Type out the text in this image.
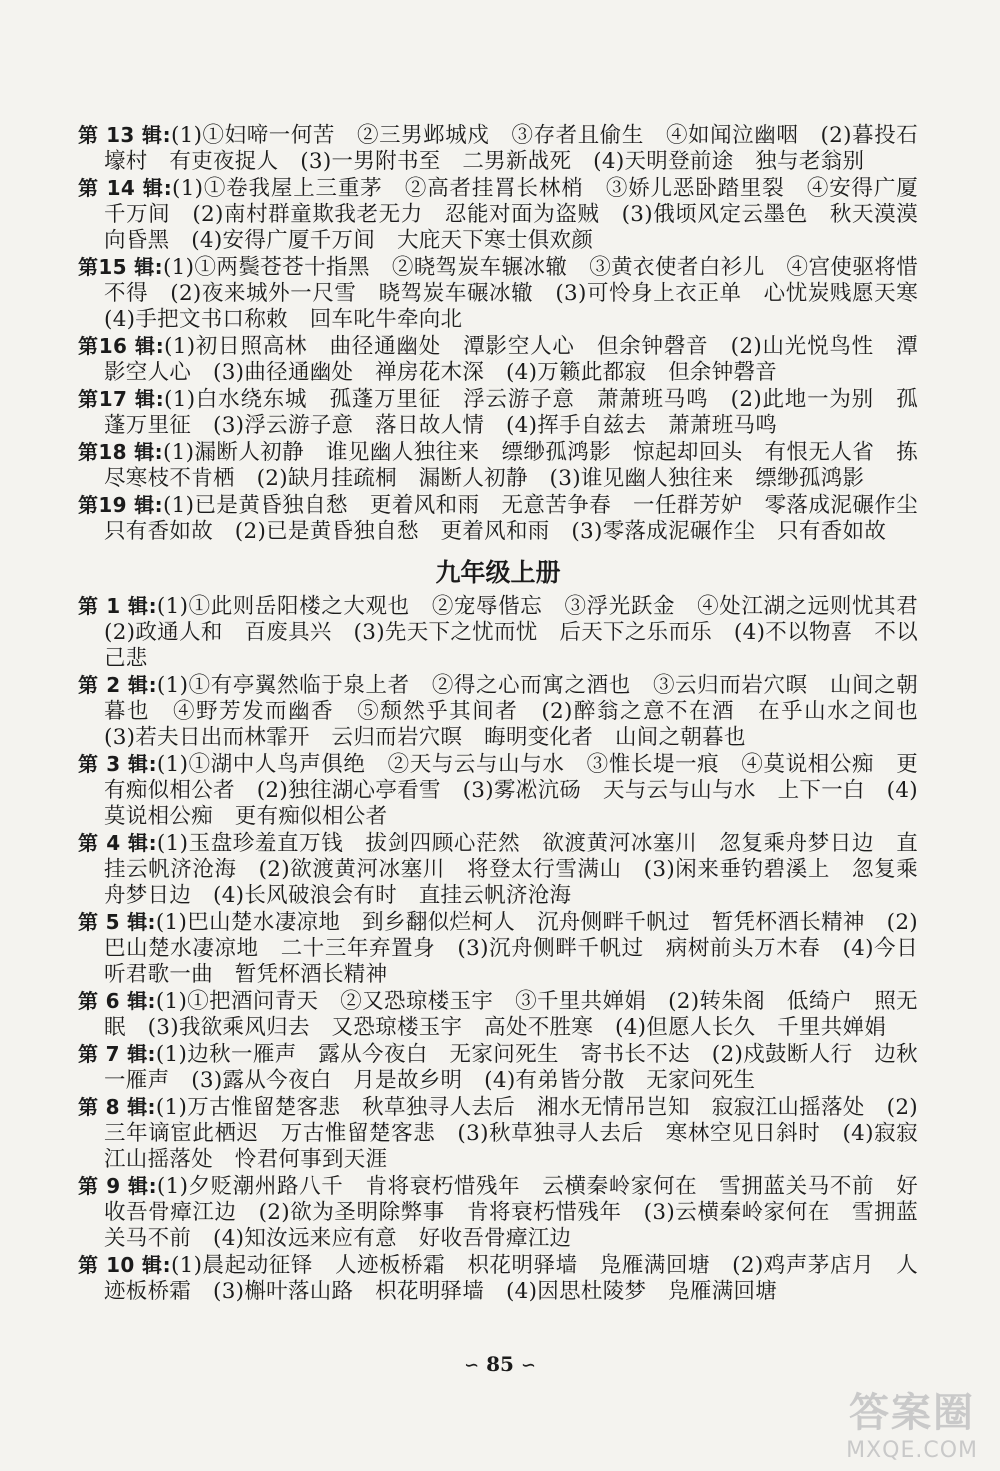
第 13 辑:(1)①妇啼一何苦　②三男邺城戍　③存者且偷生　④如闻泣幽咽　(2)暮投石壕村　有吏夜捉人　(3)一男附书至　二男新战死　(4)天明登前途　独与老翁别

第 14 辑:(1)①卷我屋上三重茅　②高者挂罥长林梢　③娇儿恶卧踏里裂　④安得广厦千万间　(2)南村群童欺我老无力　忍能对面为盗贼　(3)俄顷风定云墨色　秋天漠漠向昏黑　(4)安得广厦千万间　大庇天下寒士俱欢颜

第15 辑:(1)①两鬓苍苍十指黑　②晓驾炭车辗冰辙　③黄衣使者白衫儿　④宫使驱将惜不得　(2)夜来城外一尺雪　晓驾炭车碾冰辙　(3)可怜身上衣正单　心忧炭贱愿天寒　(4)手把文书口称敕　回车叱牛牵向北

第16 辑:(1)初日照高林　曲径通幽处　潭影空人心　但余钟磬音　(2)山光悦鸟性　潭影空人心　(3)曲径通幽处　禅房花木深　(4)万籁此都寂　但余钟磬音

第17 辑:(1)白水绕东城　孤蓬万里征　浮云游子意　萧萧班马鸣　(2)此地一为别　孤蓬万里征　(3)浮云游子意　落日故人情　(4)挥手自兹去　萧萧班马鸣

第18 辑:(1)漏断人初静　谁见幽人独往来　缥缈孤鸿影　惊起却回头　有恨无人省　拣尽寒枝不肯栖　(2)缺月挂疏桐　漏断人初静　(3)谁见幽人独往来　缥缈孤鸿影

第19 辑:(1)已是黄昏独自愁　更着风和雨　无意苦争春　一任群芳妒　零落成泥碾作尘　只有香如故　(2)已是黄昏独自愁　更着风和雨　(3)零落成泥碾作尘　只有香如故

九年级上册

第 1 辑:(1)①此则岳阳楼之大观也　②宠辱偕忘　③浮光跃金　④处江湖之远则忧其君　(2)政通人和　百废具兴　(3)先天下之忧而忧　后天下之乐而乐　(4)不以物喜　不以己悲

第 2 辑:(1)①有亭翼然临于泉上者　②得之心而寓之酒也　③云归而岩穴暝　山间之朝暮也　④野芳发而幽香　⑤颓然乎其间者　(2)醉翁之意不在酒　在乎山水之间也　(3)若夫日出而林霏开　云归而岩穴暝　晦明变化者　山间之朝暮也

第 3 辑:(1)①湖中人鸟声俱绝　②天与云与山与水　③惟长堤一痕　④莫说相公痴　更有痴似相公者　(2)独往湖心亭看雪　(3)雾凇沆砀　天与云与山与水　上下一白　(4)莫说相公痴　更有痴似相公者

第 4 辑:(1)玉盘珍羞直万钱　拔剑四顾心茫然　欲渡黄河冰塞川　忽复乘舟梦日边　直挂云帆济沧海　(2)欲渡黄河冰塞川　将登太行雪满山　(3)闲来垂钓碧溪上　忽复乘舟梦日边　(4)长风破浪会有时　直挂云帆济沧海

第 5 辑:(1)巴山楚水凄凉地　到乡翻似烂柯人　沉舟侧畔千帆过　暂凭杯酒长精神　(2)巴山楚水凄凉地　二十三年弃置身　(3)沉舟侧畔千帆过　病树前头万木春　(4)今日听君歌一曲　暂凭杯酒长精神

第 6 辑:(1)①把酒问青天　②又恐琼楼玉宇　③千里共婵娟　(2)转朱阁　低绮户　照无眠　(3)我欲乘风归去　又恐琼楼玉宇　高处不胜寒　(4)但愿人长久　千里共婵娟

第 7 辑:(1)边秋一雁声　露从今夜白　无家问死生　寄书长不达　(2)戍鼓断人行　边秋一雁声　(3)露从今夜白　月是故乡明　(4)有弟皆分散　无家问死生

第 8 辑:(1)万古惟留楚客悲　秋草独寻人去后　湘水无情吊岂知　寂寂江山摇落处　(2)三年谪宦此栖迟　万古惟留楚客悲　(3)秋草独寻人去后　寒林空见日斜时　(4)寂寂江山摇落处　怜君何事到天涯

第 9 辑:(1)夕贬潮州路八千　肯将衰朽惜残年　云横秦岭家何在　雪拥蓝关马不前　好收吾骨瘴江边　(2)欲为圣明除弊事　肯将衰朽惜残年　(3)云横秦岭家何在　雪拥蓝关马不前　(4)知汝远来应有意　好收吾骨瘴江边

第 10 辑:(1)晨起动征铎　人迹板桥霜　枳花明驿墙　凫雁满回塘　(2)鸡声茅店月　人迹板桥霜　(3)槲叶落山路　枳花明驿墙　(4)因思杜陵梦　凫雁满回塘

∽ 85 ∽
答案圈
MXQE.COM
